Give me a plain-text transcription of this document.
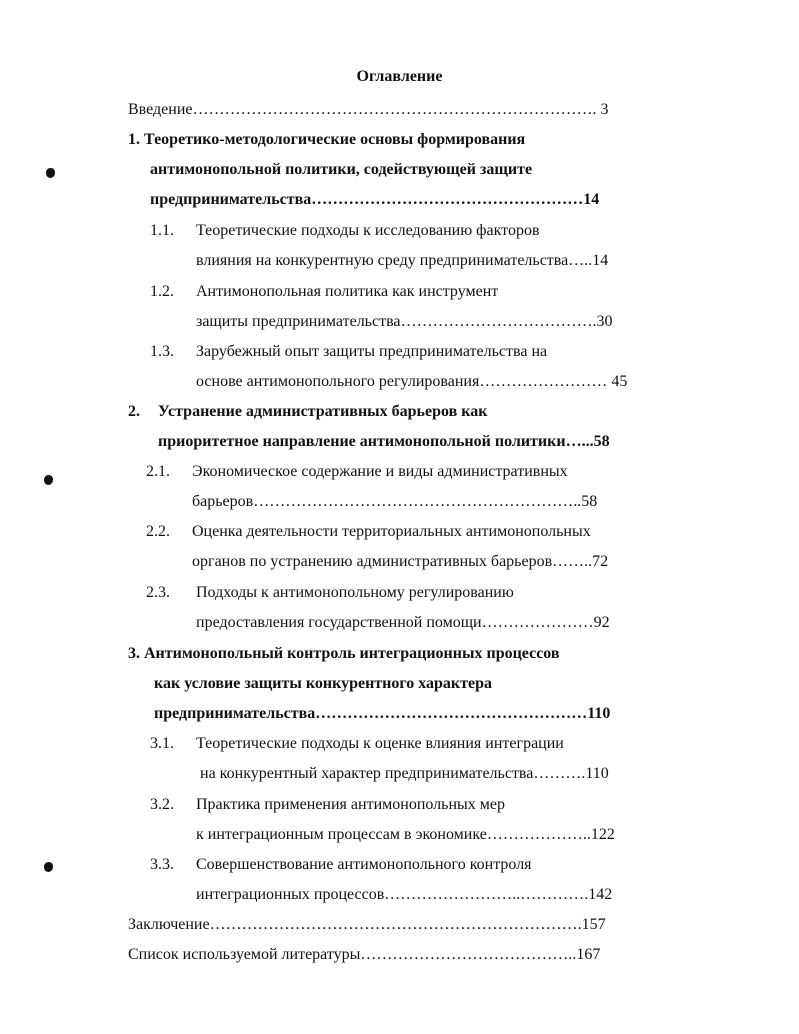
Оглавление
Введение…………………………………………………………………. 3
1. Теоретико-методологические основы формирования
антимонопольной политики, содействующей защите
предпринимательства……………………………………………14
1.1. Теоретические подходы к исследованию факторов
влияния на конкурентную среду предпринимательства…..14
1.2. Антимонопольная политика как инструмент
защиты предпринимательства……………………………….30
1.3. Зарубежный опыт защиты предпринимательства на
основе антимонопольного регулирования…………………… 45
2. Устранение административных барьеров как
приоритетное направление антимонопольной политики…...58
2.1. Экономическое содержание и виды административных
барьеров……………………………………………………..58
2.2. Оценка деятельности территориальных антимонопольных
органов по устранению административных барьеров……..72
2.3. Подходы к антимонопольному регулированию
предоставления государственной помощи…………………92
3. Антимонопольный контроль интеграционных процессов
как условие защиты конкурентного характера
предпринимательства……………………………………………110
3.1. Теоретические подходы к оценке влияния интеграции
на конкурентный характер предпринимательства……….110
3.2. Практика применения антимонопольных мер
к интеграционным процессам в экономике………………..122
3.3. Совершенствование антимонопольного контроля
интеграционных процессов……………………..………….142
Заключение…………………………………………………………….157
Список используемой литературы…………………………………..167
